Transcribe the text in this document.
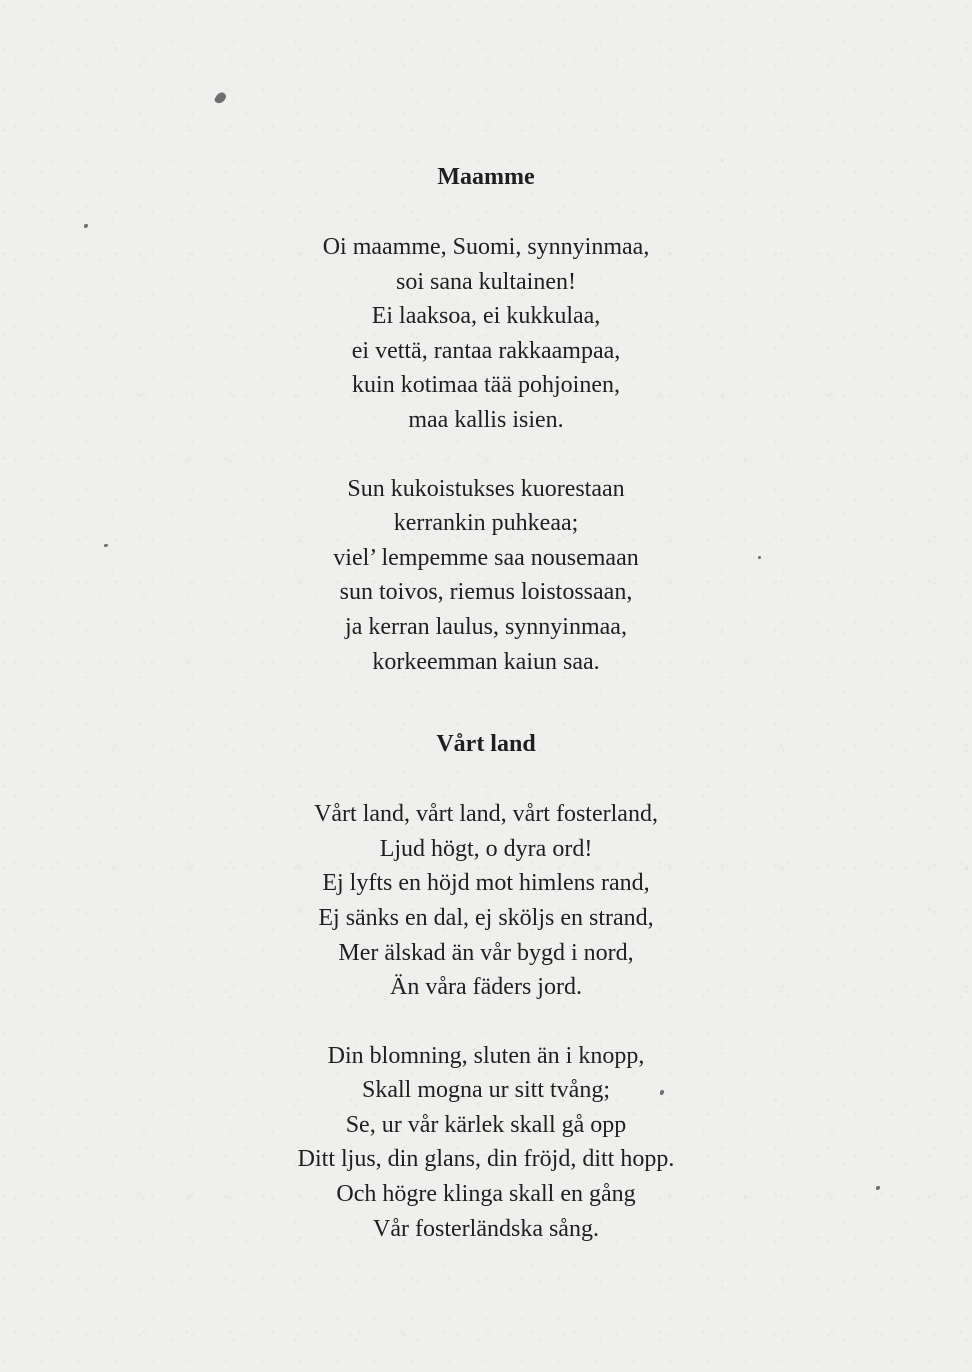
Maamme
Oi maamme, Suomi, synnyinmaa,
soi sana kultainen!
Ei laaksoa, ei kukkulaa,
ei vettä, rantaa rakkaampaa,
kuin kotimaa tää pohjoinen,
maa kallis isien.
Sun kukoistukses kuorestaan
kerrankin puhkeaa;
viel’ lempemme saa nousemaan
sun toivos, riemus loistossaan,
ja kerran laulus, synnyinmaa,
korkeemman kaiun saa.
Vårt land
Vårt land, vårt land, vårt fosterland,
Ljud högt, o dyra ord!
Ej lyfts en höjd mot himlens rand,
Ej sänks en dal, ej sköljs en strand,
Mer älskad än vår bygd i nord,
Än våra fäders jord.
Din blomning, sluten än i knopp,
Skall mogna ur sitt tvång;
Se, ur vår kärlek skall gå opp
Ditt ljus, din glans, din fröjd, ditt hopp.
Och högre klinga skall en gång
Vår fosterländska sång.
